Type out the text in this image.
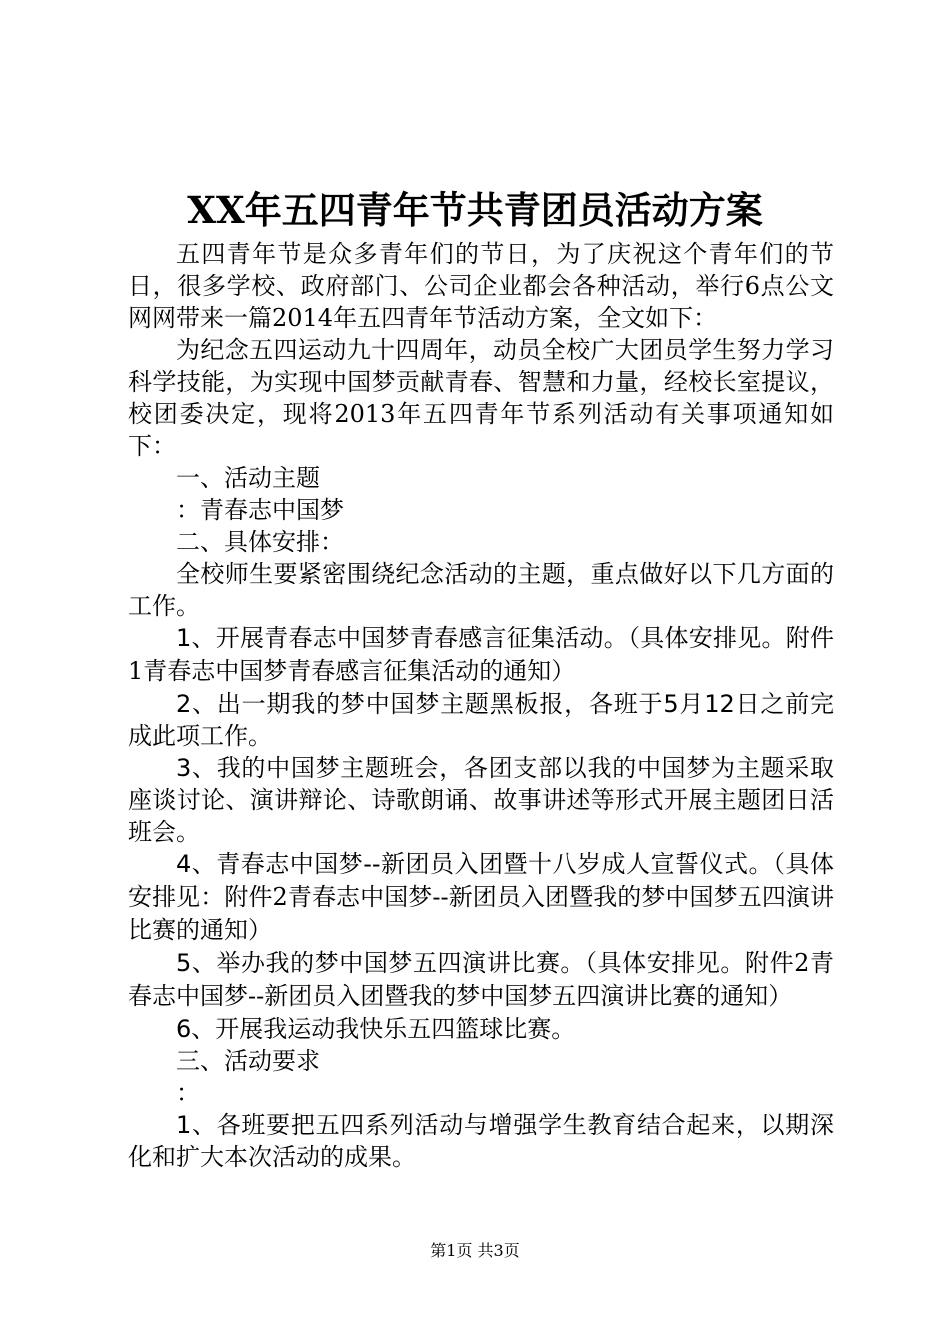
XX年五四青年节共青团员活动方案

五四青年节是众多青年们的节日，为了庆祝这个青年们的节日，很多学校、政府部门、公司企业都会各种活动，举行6点公文网网带来一篇2014年五四青年节活动方案，全文如下：

为纪念五四运动九十四周年，动员全校广大团员学生努力学习科学技能，为实现中国梦贡献青春、智慧和力量，经校长室提议，校团委决定，现将2013年五四青年节系列活动有关事项通知如下：

一、活动主题

：青春志中国梦

二、具体安排：

全校师生要紧密围绕纪念活动的主题，重点做好以下几方面的工作。

1、开展青春志中国梦青春感言征集活动。（具体安排见。附件1青春志中国梦青春感言征集活动的通知）

2、出一期我的梦中国梦主题黑板报，各班于5月12日之前完成此项工作。

3、我的中国梦主题班会，各团支部以我的中国梦为主题采取座谈讨论、演讲辩论、诗歌朗诵、故事讲述等形式开展主题团日活班会。

4、青春志中国梦--新团员入团暨十八岁成人宣誓仪式。（具体安排见：附件2青春志中国梦--新团员入团暨我的梦中国梦五四演讲比赛的通知）

5、举办我的梦中国梦五四演讲比赛。（具体安排见。附件2青春志中国梦--新团员入团暨我的梦中国梦五四演讲比赛的通知）

6、开展我运动我快乐五四篮球比赛。

三、活动要求

：

1、各班要把五四系列活动与增强学生教育结合起来，以期深化和扩大本次活动的成果。

第1页 共3页
